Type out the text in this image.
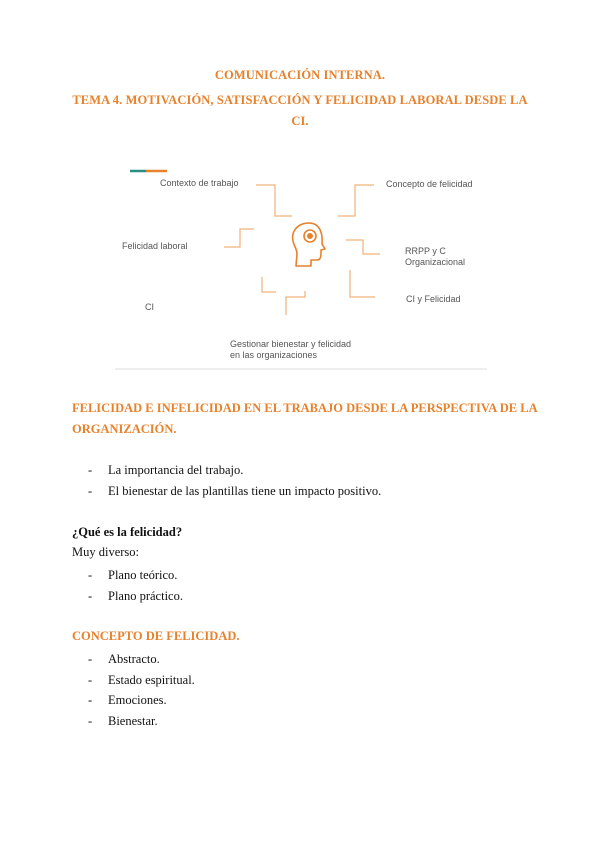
COMUNICACIÓN INTERNA.
TEMA 4. MOTIVACIÓN, SATISFACCIÓN Y FELICIDAD LABORAL DESDE LA
CI.
Contexto de trabajo	Concepto de felicidad
Felicidad laboral	RRPP y C
Organizacional
CI
CI y Felicidad
Gestionar bienestar y felicidad
en las organizaciones
FELICIDAD E INFELICIDAD EN EL TRABAJO DESDE LA PERSPECTIVA DE LA
ORGANIZACIÓN.
- La importancia del trabajo.
- El bienestar de las plantillas tiene un impacto positivo.
¿Qué es la felicidad?
Muy diverso:
- Plano teórico.
- Plano práctico.
CONCEPTO DE FELICIDAD.
- Abstracto.
- Estado espiritual.
- Emociones.
- Bienestar.
